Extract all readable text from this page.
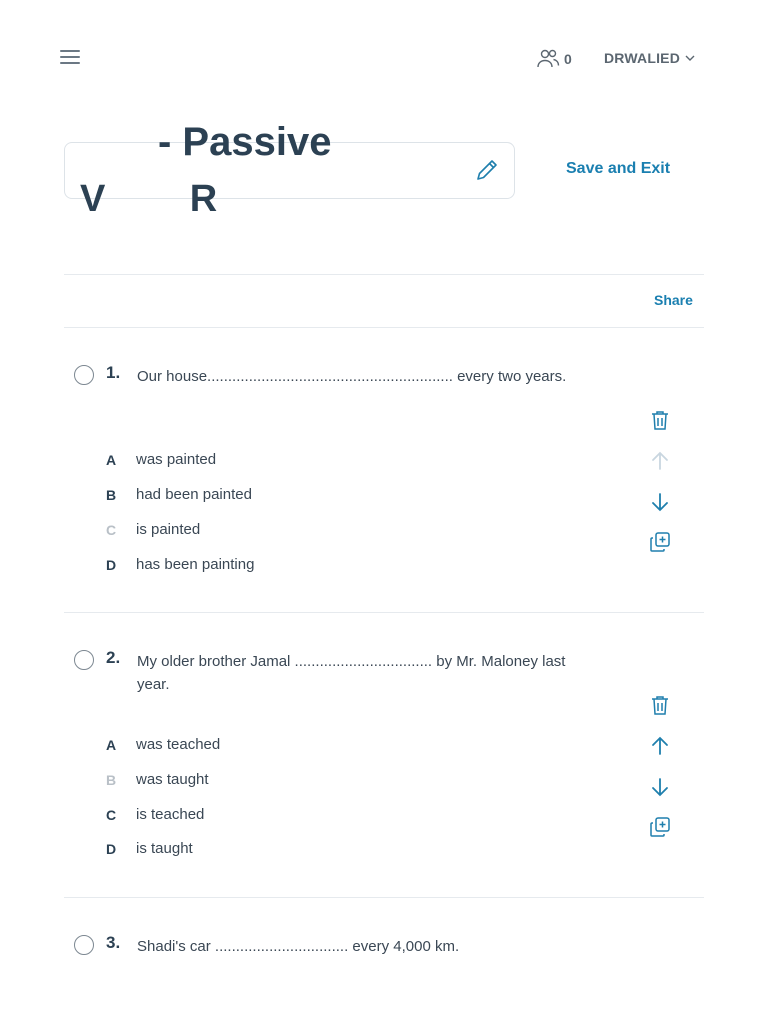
0 DRWALIED
- Passive
V        R
Save and Exit
Share
1. Our house........................................................... every two years.
A	was painted
B	had been painted
C	is painted
D	has been painting
2. My older brother Jamal ................................. by Mr. Maloney last year.
A	was teached
B	was taught
C	is teached
D	is taught
3. Shadi's car ................................ every 4,000 km.
